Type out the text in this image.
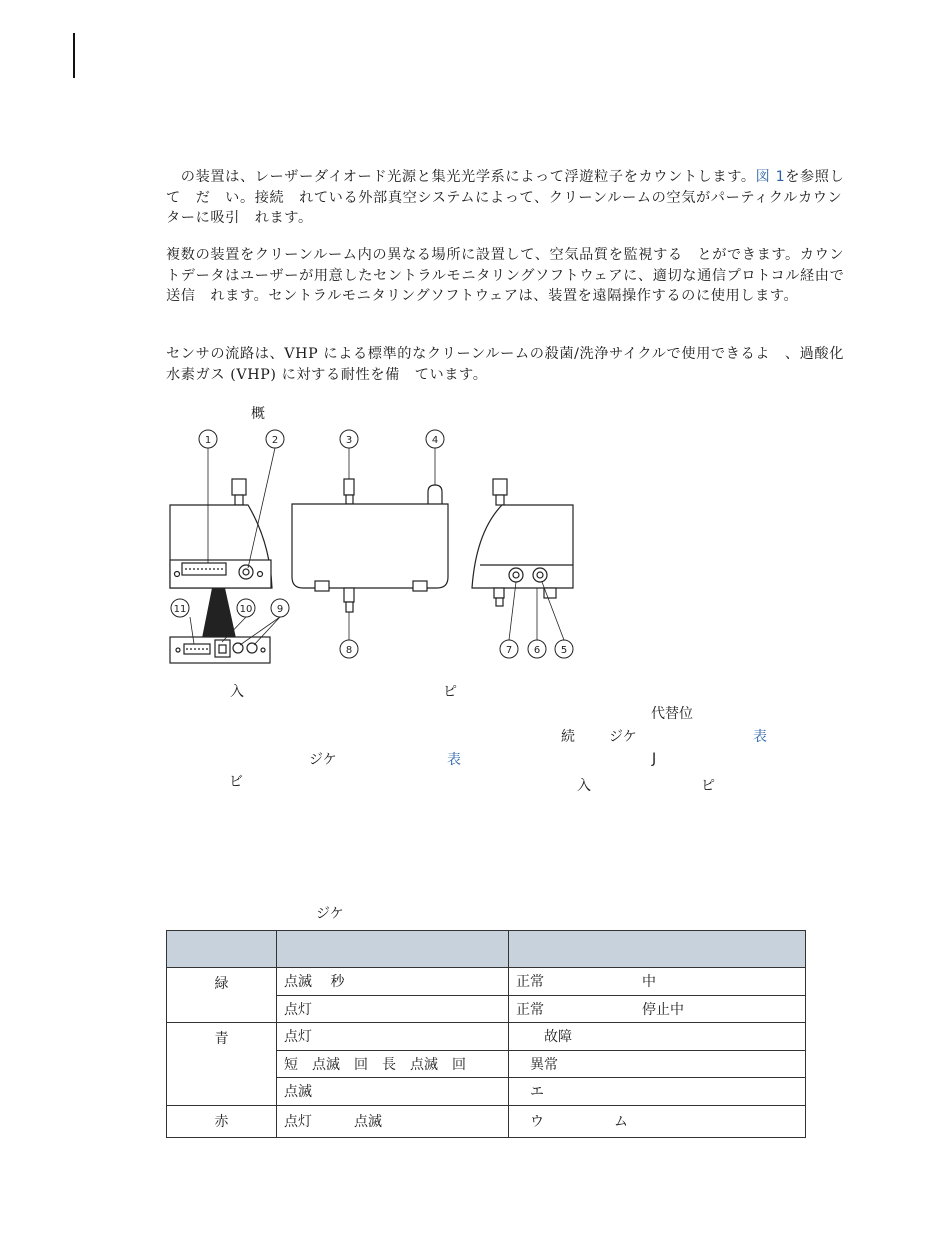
　の装置は、レーザーダイオード光源と集光光学系によって浮遊粒子をカウントします。図 1を参照して　だ　い。接続　れている外部真空システムによって、クリーンルームの空気がパーティクルカウンターに吸引　れます。

複数の装置をクリーンルーム内の異なる場所に設置して、空気品質を監視する　とができます。カウントデータはユーザーが用意したセントラルモニタリングソフトウェアに、適切な通信プロトコル経由で送信　れます。セントラルモニタリングソフトウェアは、装置を遠隔操作するのに使用します。

センサの流路は、VHP による標準的なクリーンルームの殺菌/洗浄サイクルで使用できるよ　、過酸化水素ガス (VHP) に対する耐性を備　ています。

概
1	2	3	4
5
6
7
8
9
10
11
入	ピ
代替位
続 ジケ	表
ジケ	表	J
ビ	入	ピ
ジケ

緑	点滅　 秒	正常　　　　　　　中
	点灯	正常　　　　　　　停止中
青	点灯	　　故障
	短　点滅　回　長　点滅　回	　異常
	点滅	　エ
赤	点灯　　　点滅	　ウ　　　　　ム
